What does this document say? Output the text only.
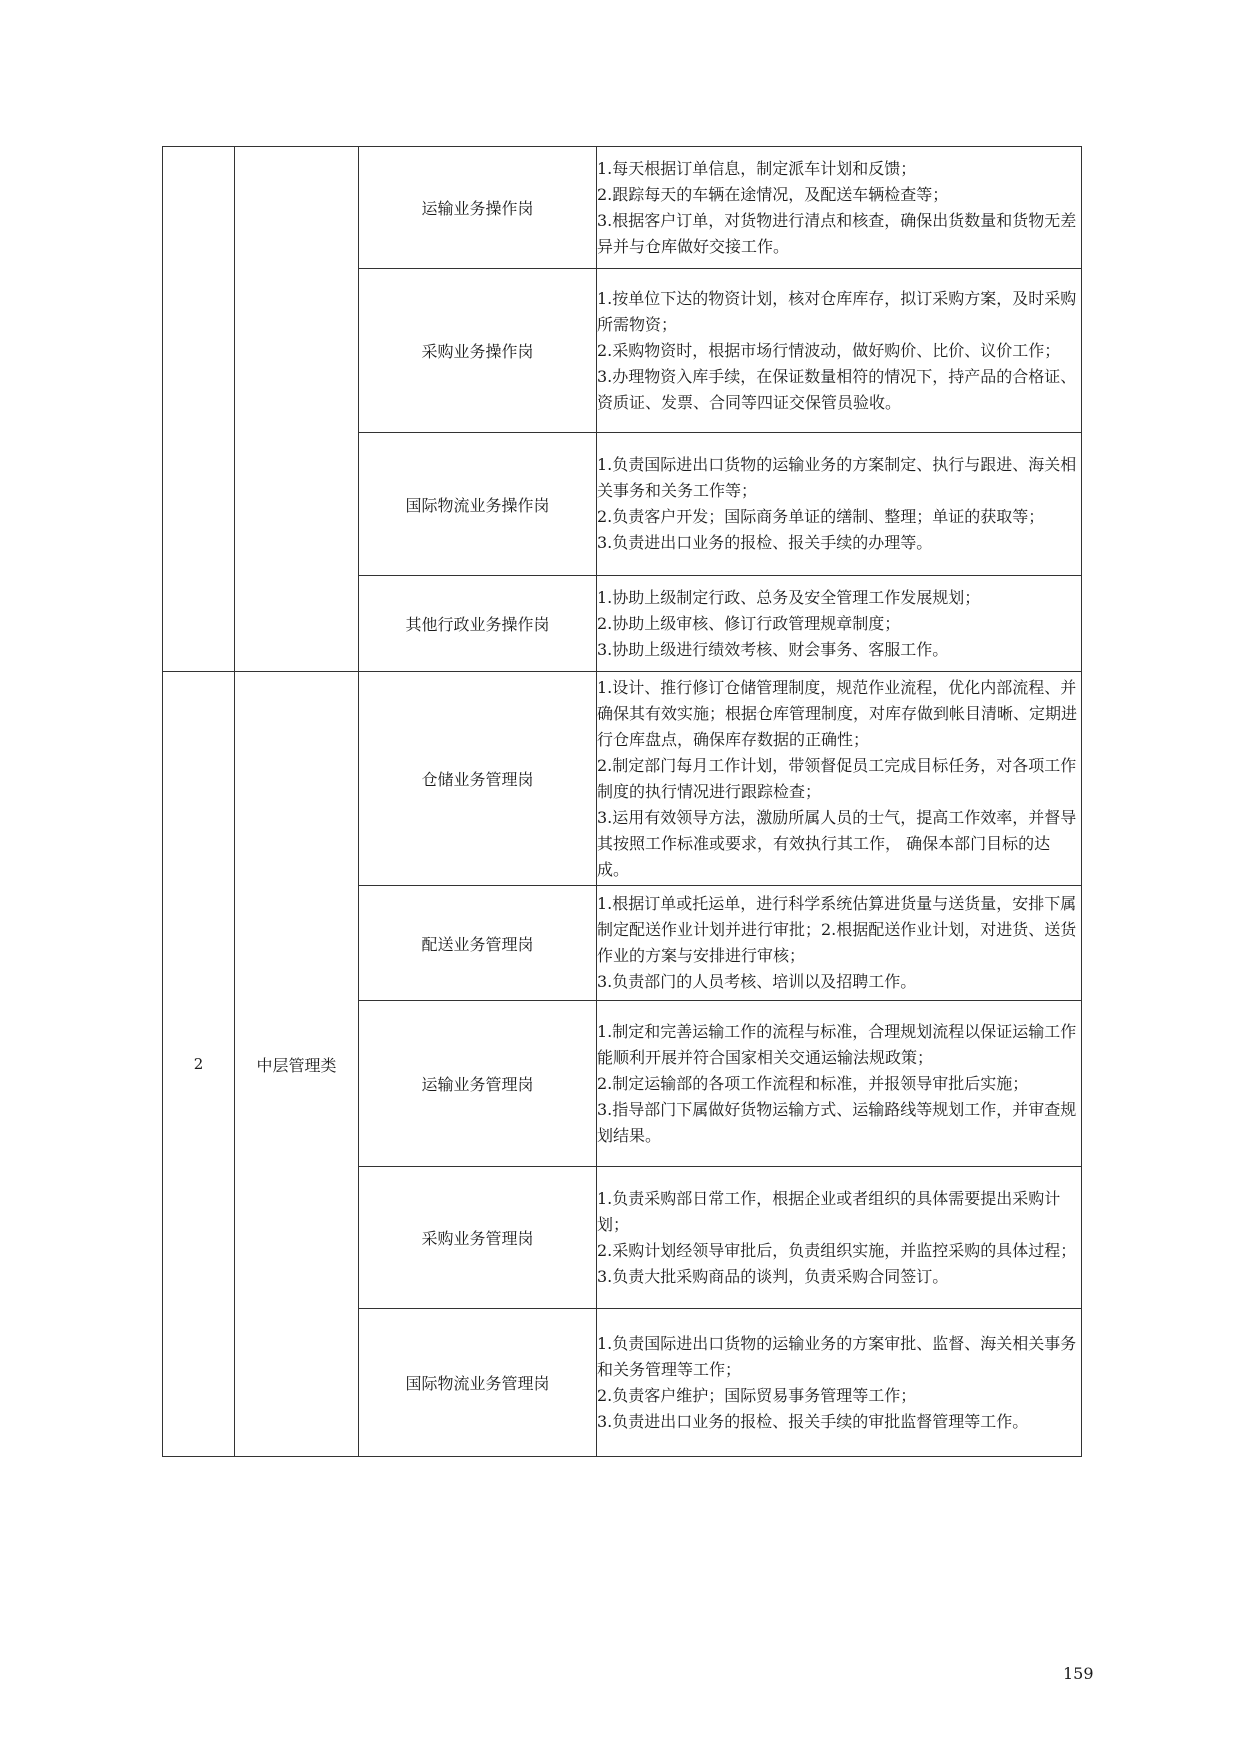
		运输业务操作岗	1.每天根据订单信息，制定派车计划和反馈；

2.跟踪每天的车辆在途情况，及配送车辆检查等；

3.根据客户订单，对货物进行清点和核查，确保出货数量和货物无差异并与仓库做好交接工作。

		采购业务操作岗	1.按单位下达的物资计划，核对仓库库存，拟订采购方案，及时采购所需物资；

2.采购物资时，根据市场行情波动，做好购价、比价、议价工作；

3.办理物资入库手续，在保证数量相符的情况下，持产品的合格证、资质证、发票、合同等四证交保管员验收。

		国际物流业务操作岗	1.负责国际进出口货物的运输业务的方案制定、执行与跟进、海关相关事务和关务工作等；

2.负责客户开发；国际商务单证的缮制、整理；单证的获取等；

3.负责进出口业务的报检、报关手续的办理等。

		其他行政业务操作岗	1.协助上级制定行政、总务及安全管理工作发展规划；

2.协助上级审核、修订行政管理规章制度；

3.协助上级进行绩效考核、财会事务、客服工作。

2	中层管理类	仓储业务管理岗	1.设计、推行修订仓储管理制度，规范作业流程，优化内部流程、并确保其有效实施；根据仓库管理制度，对库存做到帐目清晰、定期进行仓库盘点，确保库存数据的正确性；

2.制定部门每月工作计划，带领督促员工完成目标任务，对各项工作制度的执行情况进行跟踪检查；

3.运用有效领导方法，激励所属人员的士气，提高工作效率，并督导其按照工作标准或要求，有效执行其工作， 确保本部门目标的达成。

		配送业务管理岗	1.根据订单或托运单，进行科学系统估算进货量与送货量，安排下属制定配送作业计划并进行审批；2.根据配送作业计划，对进货、送货作业的方案与安排进行审核；

3.负责部门的人员考核、培训以及招聘工作。

		运输业务管理岗	1.制定和完善运输工作的流程与标准，合理规划流程以保证运输工作能顺利开展并符合国家相关交通运输法规政策；

2.制定运输部的各项工作流程和标准，并报领导审批后实施；

3.指导部门下属做好货物运输方式、运输路线等规划工作，并审查规划结果。

		采购业务管理岗	1.负责采购部日常工作，根据企业或者组织的具体需要提出采购计划；

2.采购计划经领导审批后，负责组织实施，并监控采购的具体过程；

3.负责大批采购商品的谈判，负责采购合同签订。

		国际物流业务管理岗	1.负责国际进出口货物的运输业务的方案审批、监督、海关相关事务和关务管理等工作；

2.负责客户维护；国际贸易事务管理等工作；

3.负责进出口业务的报检、报关手续的审批监督管理等工作。

159
